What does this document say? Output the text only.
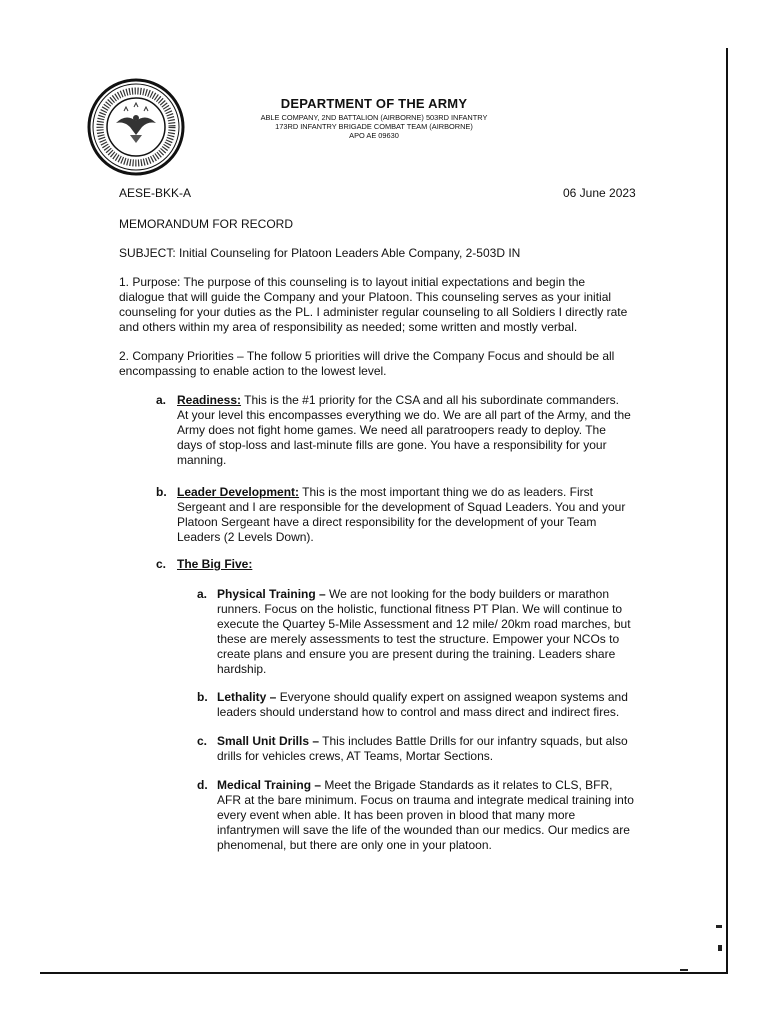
DEPARTMENT OF THE ARMY
ABLE COMPANY, 2ND BATTALION (AIRBORNE) 503RD INFANTRY
173RD INFANTRY BRIGADE COMBAT TEAM (AIRBORNE)
APO AE 09630
AESE-BKK-A	06 June 2023
MEMORANDUM FOR RECORD
SUBJECT: Initial Counseling for Platoon Leaders Able Company, 2-503D IN
1. Purpose: The purpose of this counseling is to layout initial expectations and begin the
dialogue that will guide the Company and your Platoon. This counseling serves as your initial
counseling for your duties as the PL. I administer regular counseling to all Soldiers I directly rate
and others within my area of responsibility as needed; some written and mostly verbal.
2. Company Priorities – The follow 5 priorities will drive the Company Focus and should be all
encompassing to enable action to the lowest level.
a. Readiness: This is the #1 priority for the CSA and all his subordinate commanders.
At your level this encompasses everything we do. We are all part of the Army, and the
Army does not fight home games. We need all paratroopers ready to deploy. The
days of stop-loss and last-minute fills are gone. You have a responsibility for your
manning.
b. Leader Development: This is the most important thing we do as leaders. First
Sergeant and I are responsible for the development of Squad Leaders. You and your
Platoon Sergeant have a direct responsibility for the development of your Team
Leaders (2 Levels Down).
c. The Big Five:
a. Physical Training – We are not looking for the body builders or marathon
runners. Focus on the holistic, functional fitness PT Plan. We will continue to
execute the Quartey 5-Mile Assessment and 12 mile/ 20km road marches, but
these are merely assessments to test the structure. Empower your NCOs to
create plans and ensure you are present during the training. Leaders share
hardship.
b. Lethality – Everyone should qualify expert on assigned weapon systems and
leaders should understand how to control and mass direct and indirect fires.
c. Small Unit Drills – This includes Battle Drills for our infantry squads, but also
drills for vehicles crews, AT Teams, Mortar Sections.
d. Medical Training – Meet the Brigade Standards as it relates to CLS, BFR,
AFR at the bare minimum. Focus on trauma and integrate medical training into
every event when able. It has been proven in blood that many more
infantrymen will save the life of the wounded than our medics. Our medics are
phenomenal, but there are only one in your platoon.
